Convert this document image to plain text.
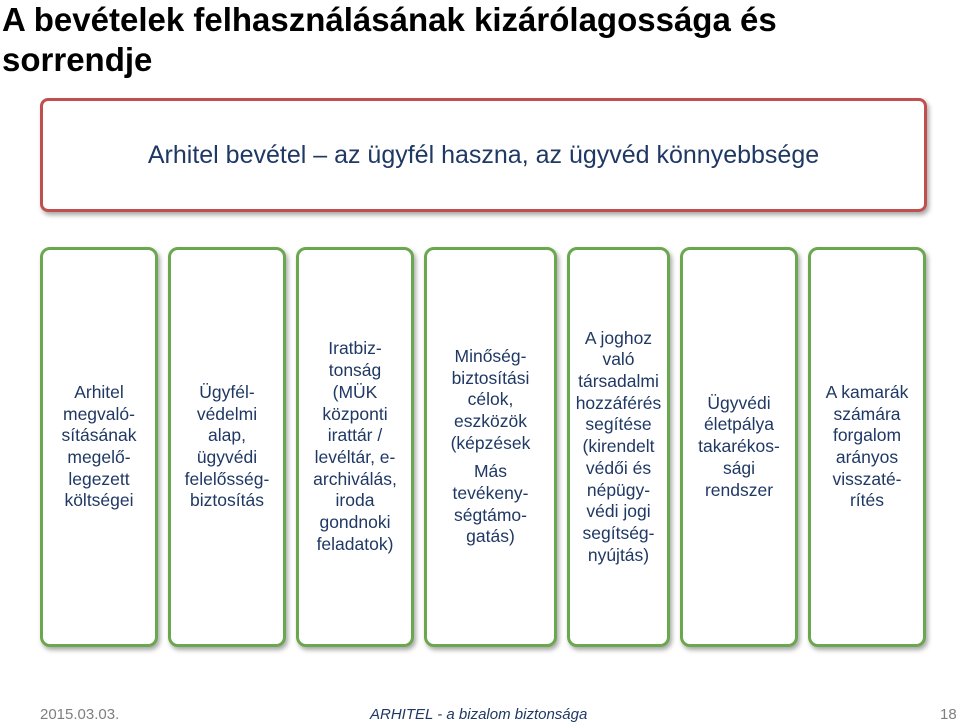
A bevételek felhasználásának kizárólagossága és
sorrendje
Arhitel bevétel – az ügyfél haszna, az ügyvéd könnyebbsége
Arhitel
megvaló-
sításának
megelő-
legezett
költségei
Ügyfél-
védelmi
alap,
ügyvédi
felelősség-
biztosítás
Iratbiz-
tonság
(MÜK
központi
irattár /
levéltár, e-
archiválás,
iroda
gondnoki
feladatok)
Minőség-
biztosítási
célok,
eszközök
(képzések
Más
tevékeny-
ségtámo-
gatás)
A joghoz
való
társadalmi
hozzáférés
segítése
(kirendelt
védői és
népügy-
védi jogi
segítség-
nyújtás)
Ügyvédi
életpálya
takarékos-
sági
rendszer
A kamarák
számára
forgalom
arányos
visszaté-
rítés
2015.03.03.	ARHITEL - a bizalom biztonsága	18
